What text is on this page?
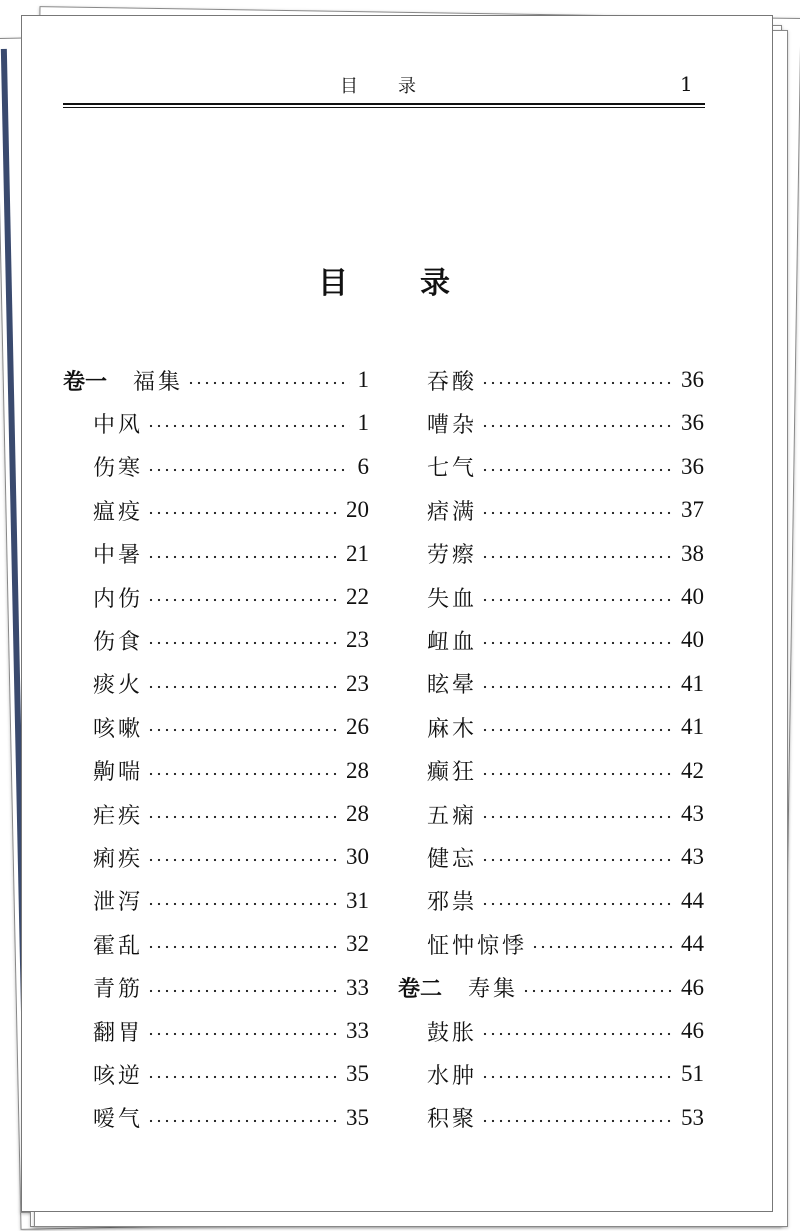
目录	1
目录
卷一 福集	1
中风	1
伤寒	6
瘟疫	20
中暑	21
内伤	22
伤食	23
痰火	23
咳嗽	26
齁喘	28
疟疾	28
痢疾	30
泄泻	31
霍乱	32
青筋	33
翻胃	33
咳逆	35
嗳气	35
吞酸	36
嘈杂	36
七气	36
痞满	37
劳瘵	38
失血	40
衄血	40
眩晕	41
麻木	41
癫狂	42
五痫	43
健忘	43
邪祟	44
怔忡惊悸	44
卷二 寿集	46
鼓胀	46
水肿	51
积聚	53
